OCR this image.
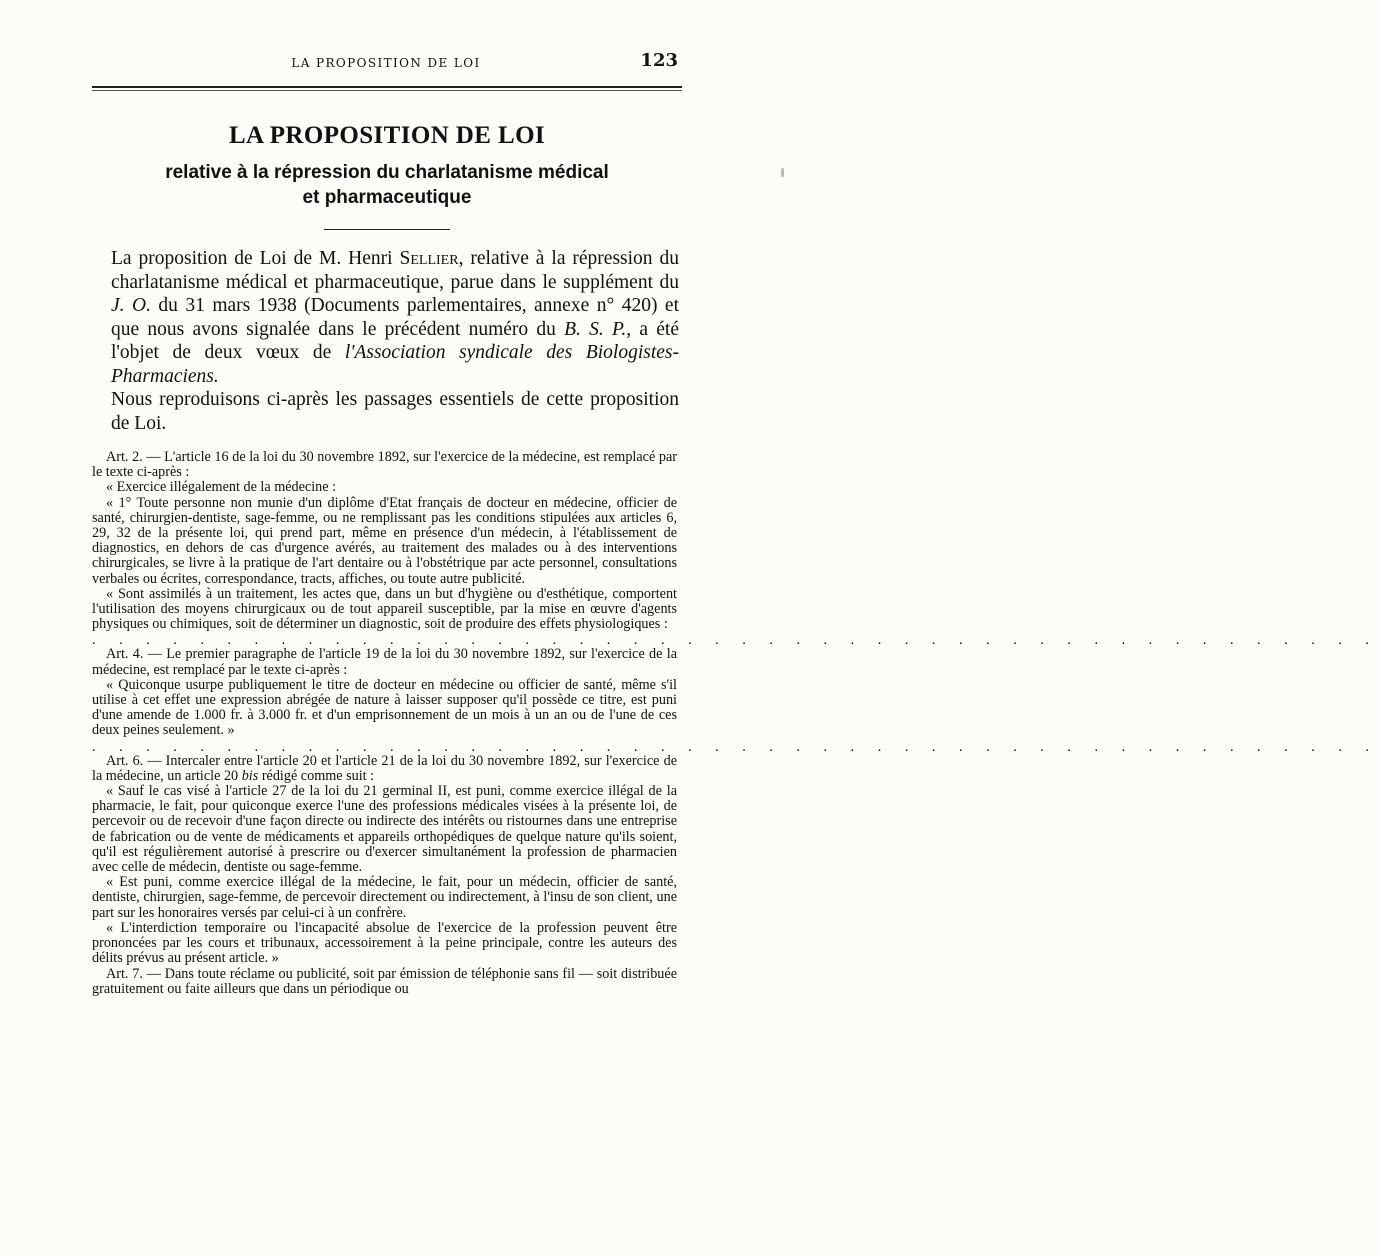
LA PROPOSITION DE LOI	123
LA PROPOSITION DE LOI
relative à la répression du charlatanisme médical
et pharmaceutique

La proposition de Loi de M. Henri Sellier, relative à la répression du charlatanisme médical et pharmaceutique, parue dans le supplément du J. O. du 31 mars 1938 (Documents parlementaires, annexe n° 420) et que nous avons signalée dans le précédent numéro du B. S. P., a été l'objet de deux vœux de l'Association syndicale des Biologistes-Pharmaciens.

Nous reproduisons ci-après les passages essentiels de cette proposition de Loi.

Art. 2. — L'article 16 de la loi du 30 novembre 1892, sur l'exercice de la médecine, est remplacé par le texte ci-après :

« Exercice illégalement de la médecine :

« 1° Toute personne non munie d'un diplôme d'Etat français de docteur en médecine, officier de santé, chirurgien-dentiste, sage-femme, ou ne remplissant pas les conditions stipulées aux articles 6, 29, 32 de la présente loi, qui prend part, même en présence d'un médecin, à l'établissement de diagnostics, en dehors de cas d'urgence avérés, au traitement des malades ou à des interventions chirurgicales, se livre à la pratique de l'art dentaire ou à l'obstétrique par acte personnel, consultations verbales ou écrites, correspondance, tracts, affiches, ou toute autre publicité.

« Sont assimilés à un traitement, les actes que, dans un but d'hygiène ou d'esthétique, comportent l'utilisation des moyens chirurgicaux ou de tout appareil susceptible, par la mise en œuvre d'agents physiques ou chimiques, soit de déterminer un diagnostic, soit de produire des effets physiologiques :

. . . . . . . . . . . . . . . . . . . . . . . . . . . . . . . . . . . . . . . . . . . . . . . .

Art. 4. — Le premier paragraphe de l'article 19 de la loi du 30 novembre 1892, sur l'exercice de la médecine, est remplacé par le texte ci-après :

« Quiconque usurpe publiquement le titre de docteur en médecine ou officier de santé, même s'il utilise à cet effet une expression abrégée de nature à laisser supposer qu'il possède ce titre, est puni d'une amende de 1.000 fr. à 3.000 fr. et d'un emprisonnement de un mois à un an ou de l'une de ces deux peines seulement. »

. . . . . . . . . . . . . . . . . . . . . . . . . . . . . . . . . . . . . . . . . . . . . . . .

Art. 6. — Intercaler entre l'article 20 et l'article 21 de la loi du 30 novembre 1892, sur l'exercice de la médecine, un article 20 bis rédigé comme suit :

« Sauf le cas visé à l'article 27 de la loi du 21 germinal II, est puni, comme exercice illégal de la pharmacie, le fait, pour quiconque exerce l'une des professions médicales visées à la présente loi, de percevoir ou de recevoir d'une façon directe ou indirecte des intérêts ou ristournes dans une entreprise de fabrication ou de vente de médicaments et appareils orthopédiques de quelque nature qu'ils soient, qu'il est régulièrement autorisé à prescrire ou d'exercer simultanément la profession de pharmacien avec celle de médecin, dentiste ou sage-femme.

« Est puni, comme exercice illégal de la médecine, le fait, pour un médecin, officier de santé, dentiste, chirurgien, sage-femme, de percevoir directement ou indirectement, à l'insu de son client, une part sur les honoraires versés par celui-ci à un confrère.

« L'interdiction temporaire ou l'incapacité absolue de l'exercice de la profession peuvent être prononcées par les cours et tribunaux, accessoirement à la peine principale, contre les auteurs des délits prévus au présent article. »

Art. 7. — Dans toute réclame ou publicité, soit par émission de téléphonie sans fil — soit distribuée gratuitement ou faite ailleurs que dans un périodique ou
